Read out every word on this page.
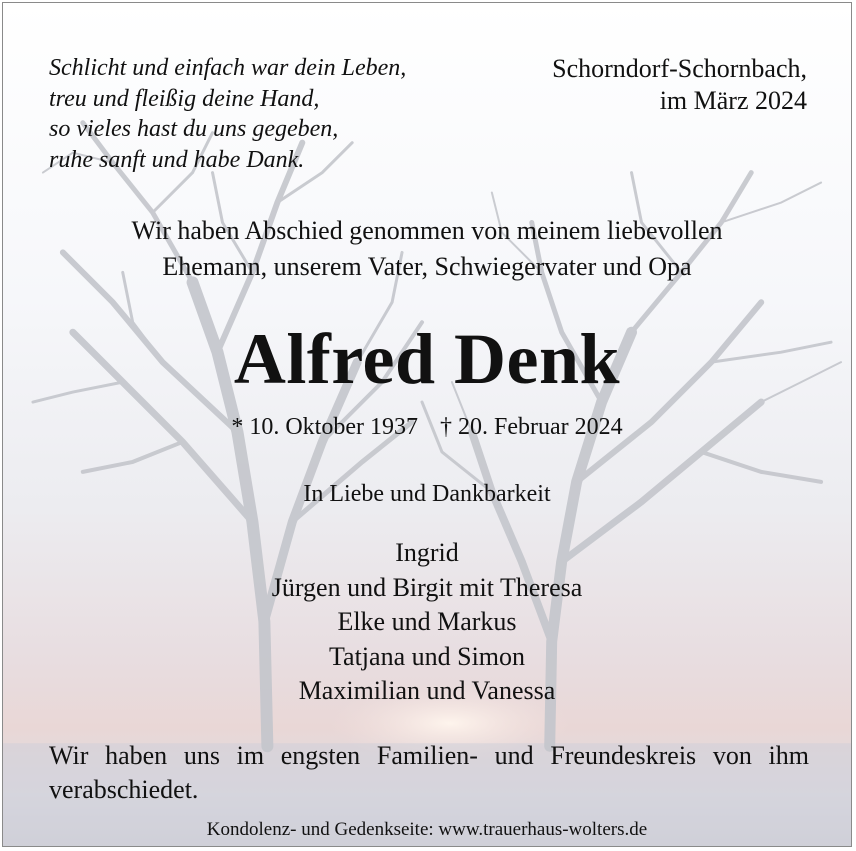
Schlicht und einfach war dein Leben,
treu und fleißig deine Hand,
so vieles hast du uns gegeben,
ruhe sanft und habe Dank.
Schorndorf-Schornbach,
im März 2024
Wir haben Abschied genommen von meinem liebevollen
Ehemann, unserem Vater, Schwiegervater und Opa
Alfred Denk
* 10. Oktober 1937 † 20. Februar 2024
In Liebe und Dankbarkeit
Ingrid
Jürgen und Birgit mit Theresa
Elke und Markus
Tatjana und Simon
Maximilian und Vanessa
Wir haben uns im engsten Familien- und Freundeskreis von ihm verabschiedet.
Kondolenz- und Gedenkseite: www.trauerhaus-wolters.de
